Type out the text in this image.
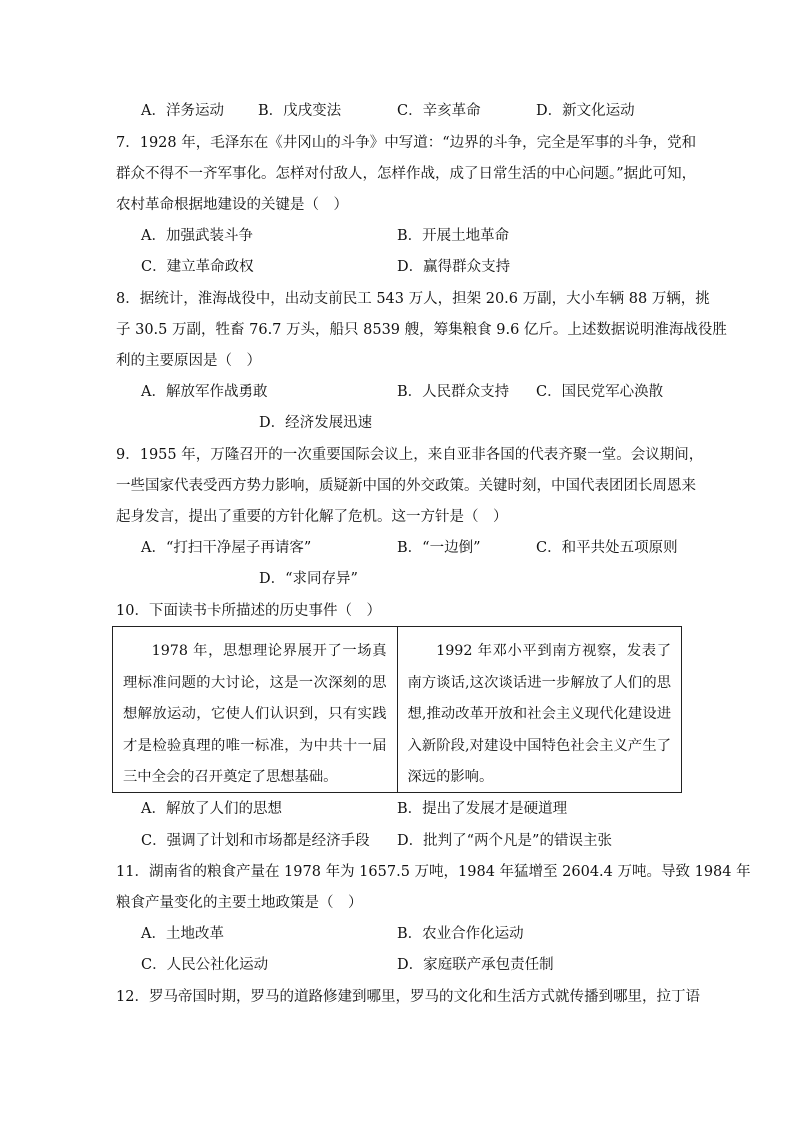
A．洋务运动 B．戊戌变法	C．辛亥革命	D．新文化运动
7．1928 年，毛泽东在《井冈山的斗争》中写道：“边界的斗争，完全是军事的斗争，党和
群众不得不一齐军事化。怎样对付敌人，怎样作战，成了日常生活的中心问题。”据此可知，
农村革命根据地建设的关键是（　）
A．加强武装斗争	B．开展土地革命
C．建立革命政权	D．赢得群众支持
8．据统计，淮海战役中，出动支前民工 543 万人，担架 20.6 万副，大小车辆 88 万辆，挑
子 30.5 万副，牲畜 76.7 万头，船只 8539 艘，筹集粮食 9.6 亿斤。上述数据说明淮海战役胜
利的主要原因是（　）
A．解放军作战勇敢	B．人民群众支持 C．国民党军心涣散
D．经济发展迅速
9．1955 年，万隆召开的一次重要国际会议上，来自亚非各国的代表齐聚一堂。会议期间，
一些国家代表受西方势力影响，质疑新中国的外交政策。关键时刻，中国代表团团长周恩来
起身发言，提出了重要的方针化解了危机。这一方针是（　）
A．“打扫干净屋子再请客”	B．“一边倒”	C．和平共处五项原则
D．“求同存异”
10．下面读书卡所描述的历史事件（　）

1978 年，思想理论界展开了一场真理标准问题的大讨论，这是一次深刻的思想解放运动，它使人们认识到，只有实践才是检验真理的唯一标准，为中共十一届三中全会的召开奠定了思想基础。

1992 年邓小平到南方视察，发表了南方谈话,这次谈话进一步解放了人们的思想,推动改革开放和社会主义现代化建设进入新阶段,对建设中国特色社会主义产生了深远的影响。

A．解放了人们的思想	B．提出了发展才是硬道理
C．强调了计划和市场都是经济手段 D．批判了“两个凡是”的错误主张
11．湖南省的粮食产量在 1978 年为 1657.5 万吨，1984 年猛增至 2604.4 万吨。导致 1984 年
粮食产量变化的主要土地政策是（　）
A．土地改革	B．农业合作化运动
C．人民公社化运动	D．家庭联产承包责任制
12．罗马帝国时期，罗马的道路修建到哪里，罗马的文化和生活方式就传播到哪里，拉丁语
